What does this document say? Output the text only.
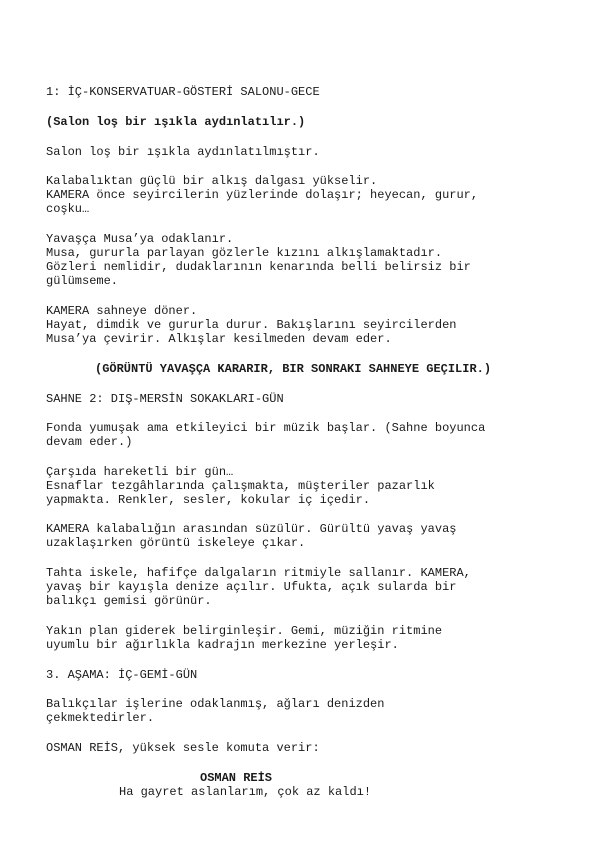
1: İÇ-KONSERVATUAR-GÖSTERİ SALONU-GECE

(Salon loş bir ışıkla aydınlatılır.)

Salon loş bir ışıkla aydınlatılmıştır.

Kalabalıktan güçlü bir alkış dalgası yükselir.

KAMERA önce seyircilerin yüzlerinde dolaşır; heyecan, gurur,

coşku…

Yavaşça Musa’ya odaklanır.

Musa, gururla parlayan gözlerle kızını alkışlamaktadır.

Gözleri nemlidir, dudaklarının kenarında belli belirsiz bir

gülümseme.

KAMERA sahneye döner.

Hayat, dimdik ve gururla durur. Bakışlarını seyircilerden

Musa’ya çevirir. Alkışlar kesilmeden devam eder.

(GÖRÜNTÜ YAVAŞÇA KARARIR, BIR SONRAKI SAHNEYE GEÇILIR.)

SAHNE 2: DIŞ-MERSİN SOKAKLARI-GÜN

Fonda yumuşak ama etkileyici bir müzik başlar. (Sahne boyunca

devam eder.)

Çarşıda hareketli bir gün…

Esnaflar tezgâhlarında çalışmakta, müşteriler pazarlık

yapmakta. Renkler, sesler, kokular iç içedir.

KAMERA kalabalığın arasından süzülür. Gürültü yavaş yavaş

uzaklaşırken görüntü iskeleye çıkar.

Tahta iskele, hafifçe dalgaların ritmiyle sallanır. KAMERA,

yavaş bir kayışla denize açılır. Ufukta, açık sularda bir

balıkçı gemisi görünür.

Yakın plan giderek belirginleşir. Gemi, müziğin ritmine

uyumlu bir ağırlıkla kadrajın merkezine yerleşir.

3. AŞAMA: İÇ-GEMİ-GÜN

Balıkçılar işlerine odaklanmış, ağları denizden

çekmektedirler.

OSMAN REİS, yüksek sesle komuta verir:

OSMAN REİS

Ha gayret aslanlarım, çok az kaldı!
